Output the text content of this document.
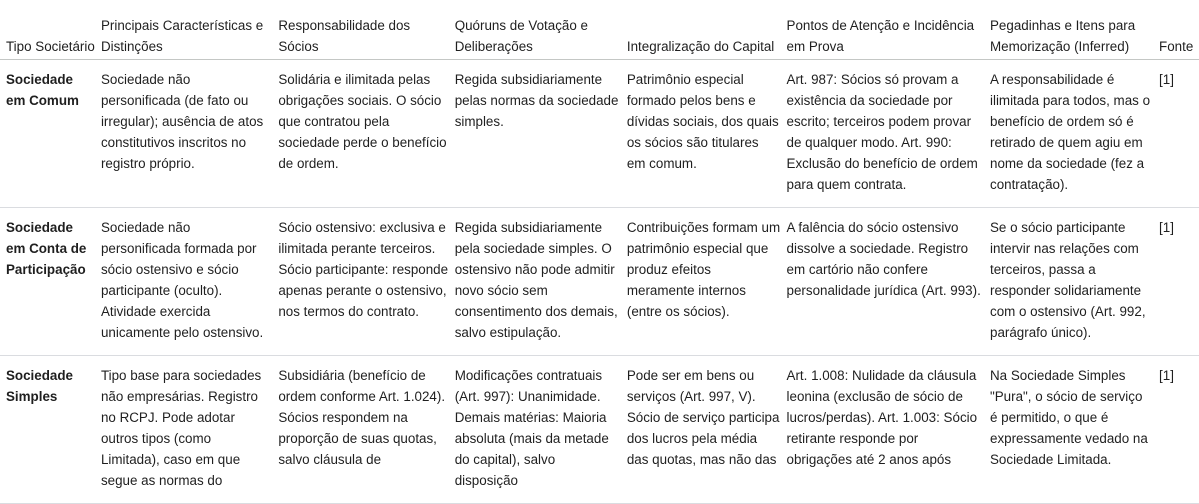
Tipo Societário	Principais Características e Distinções	Responsabilidade dos Sócios	Quóruns de Votação e Deliberações	Integralização do Capital	Pontos de Atenção e Incidência em Prova	Pegadinhas e Itens para Memorização (Inferred)	Fonte
Sociedade em Comum	Sociedade não personificada (de fato ou irregular); ausência de atos constitutivos inscritos no registro próprio.	Solidária e ilimitada pelas obrigações sociais. O sócio que contratou pela sociedade perde o benefício de ordem.	Regida subsidiariamente pelas normas da sociedade simples.	Patrimônio especial formado pelos bens e dívidas sociais, dos quais os sócios são titulares em comum.	Art. 987: Sócios só provam a existência da sociedade por escrito; terceiros podem provar de qualquer modo. Art. 990: Exclusão do benefício de ordem para quem contrata.	A responsabilidade é ilimitada para todos, mas o benefício de ordem só é retirado de quem agiu em nome da sociedade (fez a contratação).	[1]
Sociedade em Conta de Participação	Sociedade não personificada formada por sócio ostensivo e sócio participante (oculto). Atividade exercida unicamente pelo ostensivo.	Sócio ostensivo: exclusiva e ilimitada perante terceiros. Sócio participante: responde apenas perante o ostensivo, nos termos do contrato.	Regida subsidiariamente pela sociedade simples. O ostensivo não pode admitir novo sócio sem consentimento dos demais, salvo estipulação.	Contribuições formam um patrimônio especial que produz efeitos meramente internos (entre os sócios).	A falência do sócio ostensivo dissolve a sociedade. Registro em cartório não confere personalidade jurídica (Art. 993).	Se o sócio participante intervir nas relações com terceiros, passa a responder solidariamente com o ostensivo (Art. 992, parágrafo único).	[1]
Sociedade Simples	Tipo base para sociedades não empresárias. Registro no RCPJ. Pode adotar outros tipos (como Limitada), caso em que segue as normas do	Subsidiária (benefício de ordem conforme Art. 1.024). Sócios respondem na proporção de suas quotas, salvo cláusula de	Modificações contratuais (Art. 997): Unanimidade. Demais matérias: Maioria absoluta (mais da metade do capital), salvo disposição	Pode ser em bens ou serviços (Art. 997, V). Sócio de serviço participa dos lucros pela média das quotas, mas não das	Art. 1.008: Nulidade da cláusula leonina (exclusão de sócio de lucros/perdas). Art. 1.003: Sócio retirante responde por obrigações até 2 anos após	Na Sociedade Simples "Pura", o sócio de serviço é permitido, o que é expressamente vedado na Sociedade Limitada.	[1]
